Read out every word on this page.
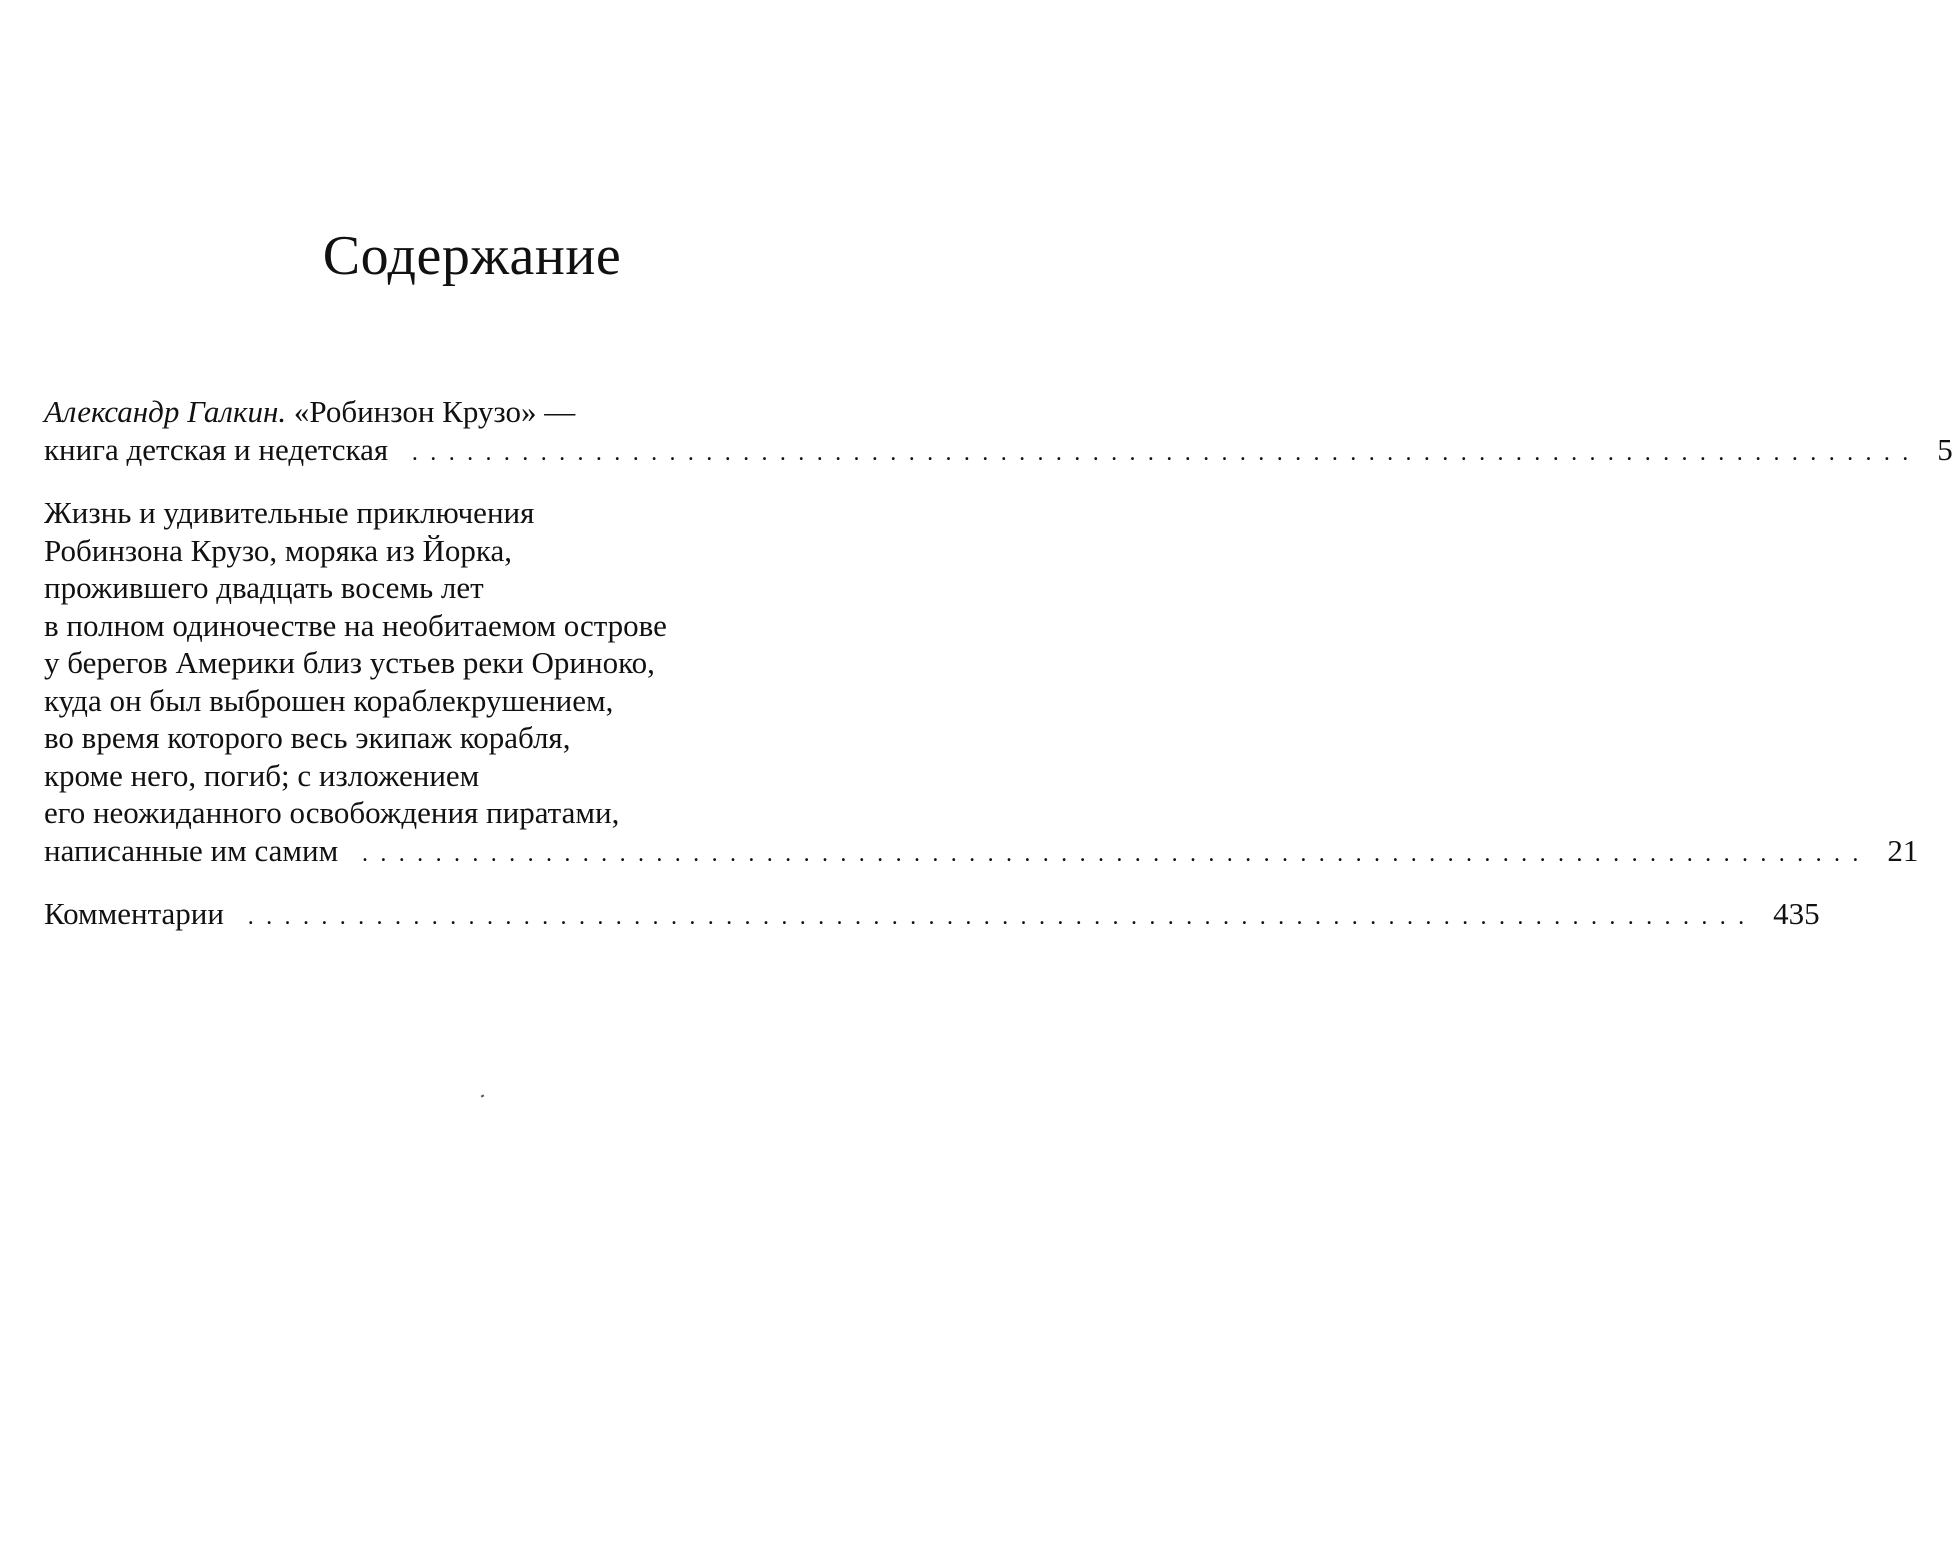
Содержание
Александр Галкин. «Робинзон Крузо» —
книга детская и недетская . . . . . . . . . . . . . . . . . . . . . . . . . . . . . . . . . . . . . . . . . . . . . . . . . . . . . . . . . . . . . . . . . . . . . . . . . . . . . . . . . . 5
Жизнь и удивительные приключения
Робинзона Крузо, моряка из Йорка,
прожившего двадцать восемь лет
в полном одиночестве на необитаемом острове
у берегов Америки близ устьев реки Ориноко,
куда он был выброшен кораблекрушением,
во время которого весь экипаж корабля,
кроме него, погиб; с изложением
его неожиданного освобождения пиратами,
написанные им самим . . . . . . . . . . . . . . . . . . . . . . . . . . . . . . . . . . . . . . . . . . . . . . . . . . . . . . . . . . . . . . . . . . . . . . . . . . . . . . . . . . 21
Комментарии . . . . . . . . . . . . . . . . . . . . . . . . . . . . . . . . . . . . . . . . . . . . . . . . . . . . . . . . . . . . . . . . . . . . . . . . . . . . . . . . . . 435
